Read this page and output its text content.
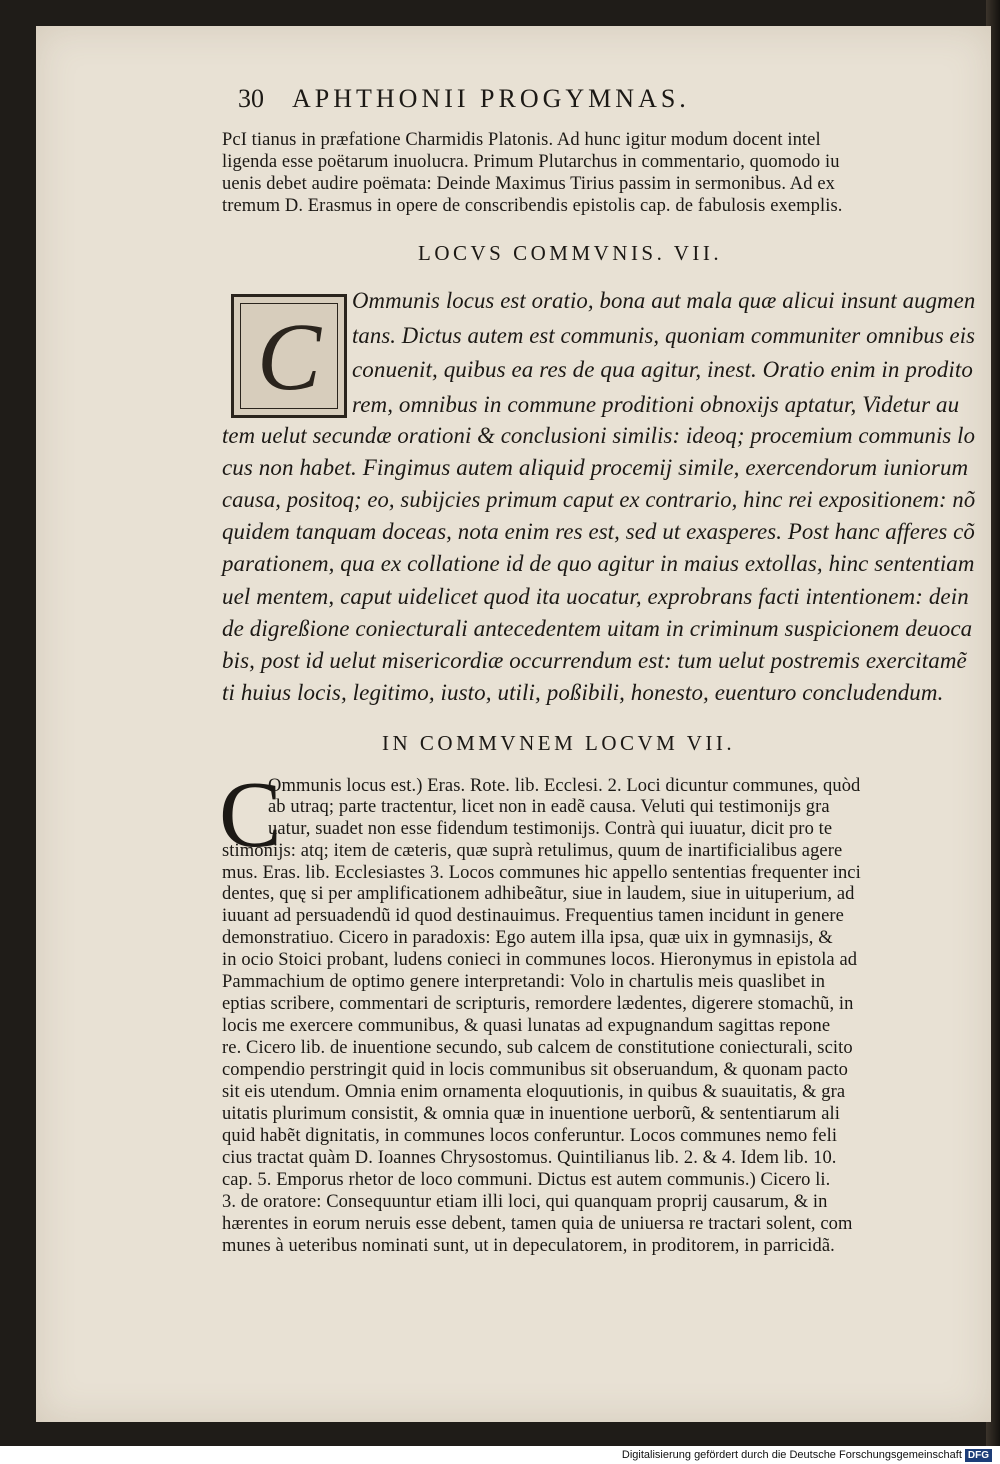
30 APHTHONII PROGYMNAS.
PcI tianus in præfatione Charmidis Platonis. Ad hunc igitur modum docent intel
ligenda esse poëtarum inuolucra. Primum Plutarchus in commentario, quomodo iu
uenis debet audire poëmata: Deinde Maximus Tirius passim in sermonibus. Ad ex
tremum D. Erasmus in opere de conscribendis epistolis cap. de fabulosis exemplis.
LOCVS COMMVNIS. VII.
C
Ommunis locus est oratio, bona aut mala quæ alicui insunt augmen
tans. Dictus autem est communis, quoniam communiter omnibus eis
conuenit, quibus ea res de qua agitur, inest. Oratio enim in prodito
rem, omnibus in commune proditioni obnoxijs aptatur, Videtur au
tem uelut secundæ orationi & conclusioni similis: ideoq; procemium communis lo
cus non habet. Fingimus autem aliquid procemij simile, exercendorum iuniorum
causa, positoq; eo, subijcies primum caput ex contrario, hinc rei expositionem: nõ
quidem tanquam doceas, nota enim res est, sed ut exasperes. Post hanc afferes cõ
parationem, qua ex collatione id de quo agitur in maius extollas, hinc sententiam
uel mentem, caput uidelicet quod ita uocatur, exprobrans facti intentionem: dein
de digreßione coniecturali antecedentem uitam in criminum suspicionem deuoca
bis, post id uelut misericordiæ occurrendum est: tum uelut postremis exercitamẽ
ti huius locis, legitimo, iusto, utili, poßibili, honesto, euenturo concludendum.
IN COMMVNEM LOCVM VII.
C
Ommunis locus est.) Eras. Rote. lib. Ecclesi. 2. Loci dicuntur communes, quòd
ab utraq; parte tractentur, licet non in eadẽ causa. Veluti qui testimonijs gra
uatur, suadet non esse fidendum testimonijs. Contrà qui iuuatur, dicit pro te
stimonijs: atq; item de cæteris, quæ suprà retulimus, quum de inartificialibus agere
mus. Eras. lib. Ecclesiastes 3. Locos communes hic appello sententias frequenter inci
dentes, quę si per amplificationem adhibeãtur, siue in laudem, siue in uituperium, ad
iuuant ad persuadendũ id quod destinauimus. Frequentius tamen incidunt in genere
demonstratiuo. Cicero in paradoxis: Ego autem illa ipsa, quæ uix in gymnasijs, &
in ocio Stoici probant, ludens conieci in communes locos. Hieronymus in epistola ad
Pammachium de optimo genere interpretandi: Volo in chartulis meis quaslibet in
eptias scribere, commentari de scripturis, remordere lædentes, digerere stomachũ, in
locis me exercere communibus, & quasi lunatas ad expugnandum sagittas repone
re. Cicero lib. de inuentione secundo, sub calcem de constitutione coniecturali, scito
compendio perstringit quid in locis communibus sit obseruandum, & quonam pacto
sit eis utendum. Omnia enim ornamenta eloquutionis, in quibus & suauitatis, & gra
uitatis plurimum consistit, & omnia quæ in inuentione uerborũ, & sententiarum ali
quid habẽt dignitatis, in communes locos conferuntur. Locos communes nemo feli
cius tractat quàm D. Ioannes Chrysostomus. Quintilianus lib. 2. & 4. Idem lib. 10.
cap. 5. Emporus rhetor de loco communi. Dictus est autem communis.) Cicero li.
3. de oratore: Consequuntur etiam illi loci, qui quanquam proprij causarum, & in
hærentes in eorum neruis esse debent, tamen quia de uniuersa re tractari solent, com
munes à ueteribus nominati sunt, ut in depeculatorem, in proditorem, in parricidã.
Digitalisierung gefördert durch die Deutsche Forschungsgemeinschaft DFG
